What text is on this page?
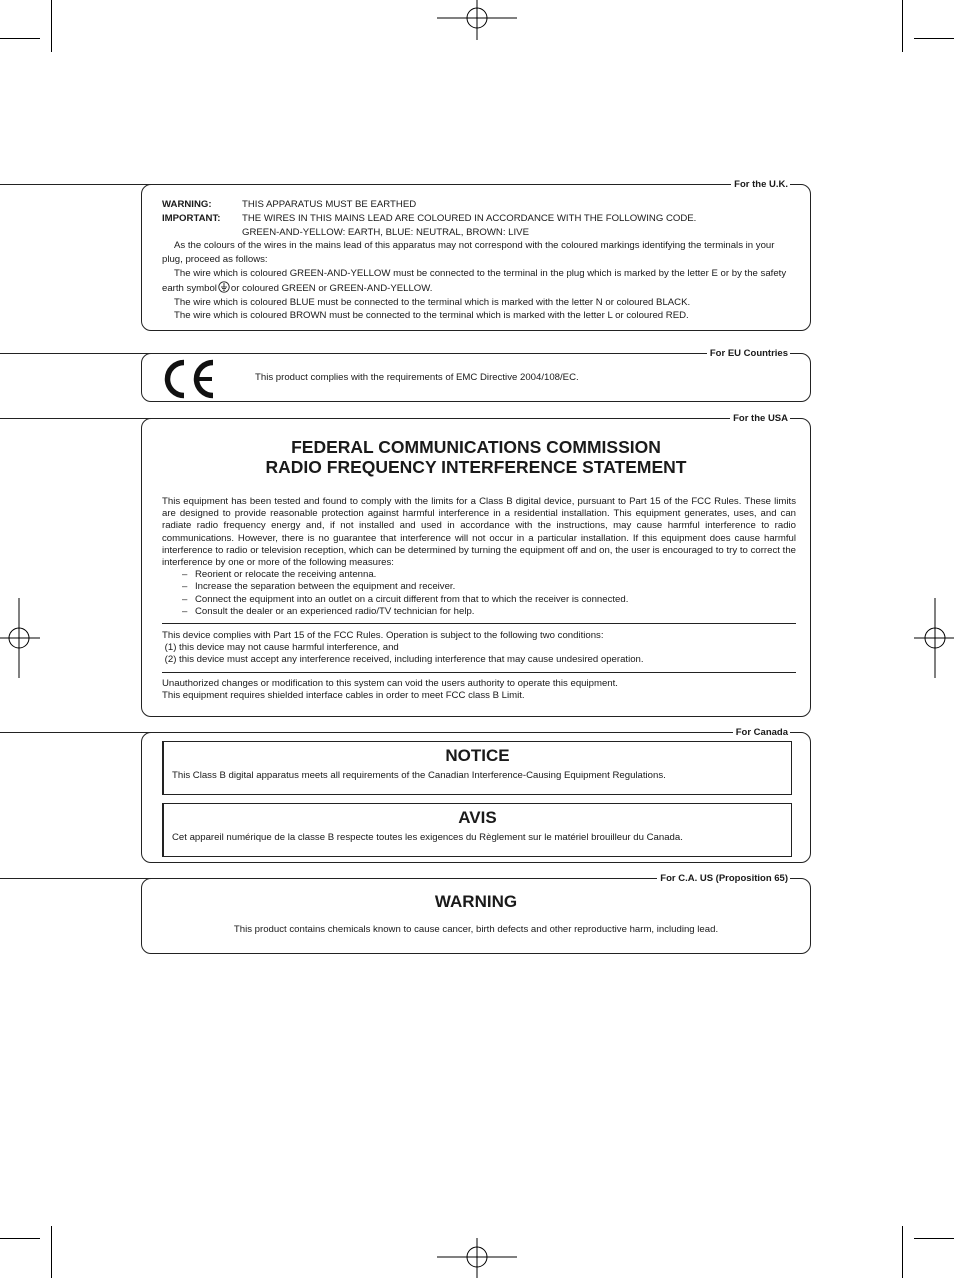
For the U.K.
WARNING:	THIS APPARATUS MUST BE EARTHED
IMPORTANT:	THE WIRES IN THIS MAINS LEAD ARE COLOURED IN ACCORDANCE WITH THE FOLLOWING CODE.
GREEN-AND-YELLOW: EARTH, BLUE: NEUTRAL, BROWN: LIVE
As the colours of the wires in the mains lead of this apparatus may not correspond with the coloured markings identifying the terminals in your plug, proceed as follows:
The wire which is coloured GREEN-AND-YELLOW must be connected to the terminal in the plug which is marked by the letter E or by the safety earth symbol or coloured GREEN or GREEN-AND-YELLOW.
The wire which is coloured BLUE must be connected to the terminal which is marked with the letter N or coloured BLACK.
The wire which is coloured BROWN must be connected to the terminal which is marked with the letter L or coloured RED.
For EU Countries
This product complies with the requirements of EMC Directive 2004/108/EC.
For the USA
FEDERAL COMMUNICATIONS COMMISSION
RADIO FREQUENCY INTERFERENCE STATEMENT
This equipment has been tested and found to comply with the limits for a Class B digital device, pursuant to Part 15 of the FCC Rules. These limits are designed to provide reasonable protection against harmful interference in a residential installation. This equipment generates, uses, and can radiate radio frequency energy and, if not installed and used in accordance with the instructions, may cause harmful interference to radio communications. However, there is no guarantee that interference will not occur in a particular installation. If this equipment does cause harmful interference to radio or television reception, which can be determined by turning the equipment off and on, the user is encouraged to try to correct the interference by one or more of the following measures:
– Reorient or relocate the receiving antenna.
– Increase the separation between the equipment and receiver.
– Connect the equipment into an outlet on a circuit different from that to which the receiver is connected.
– Consult the dealer or an experienced radio/TV technician for help.
This device complies with Part 15 of the FCC Rules. Operation is subject to the following two conditions:
(1) this device may not cause harmful interference, and
(2) this device must accept any interference received, including interference that may cause undesired operation.
Unauthorized changes or modification to this system can void the users authority to operate this equipment.
This equipment requires shielded interface cables in order to meet FCC class B Limit.
For Canada
NOTICE
This Class B digital apparatus meets all requirements of the Canadian Interference-Causing Equipment Regulations.
AVIS
Cet appareil numérique de la classe B respecte toutes les exigences du Règlement sur le matériel brouilleur du Canada.
For C.A. US (Proposition 65)
WARNING
This product contains chemicals known to cause cancer, birth defects and other reproductive harm, including lead.
